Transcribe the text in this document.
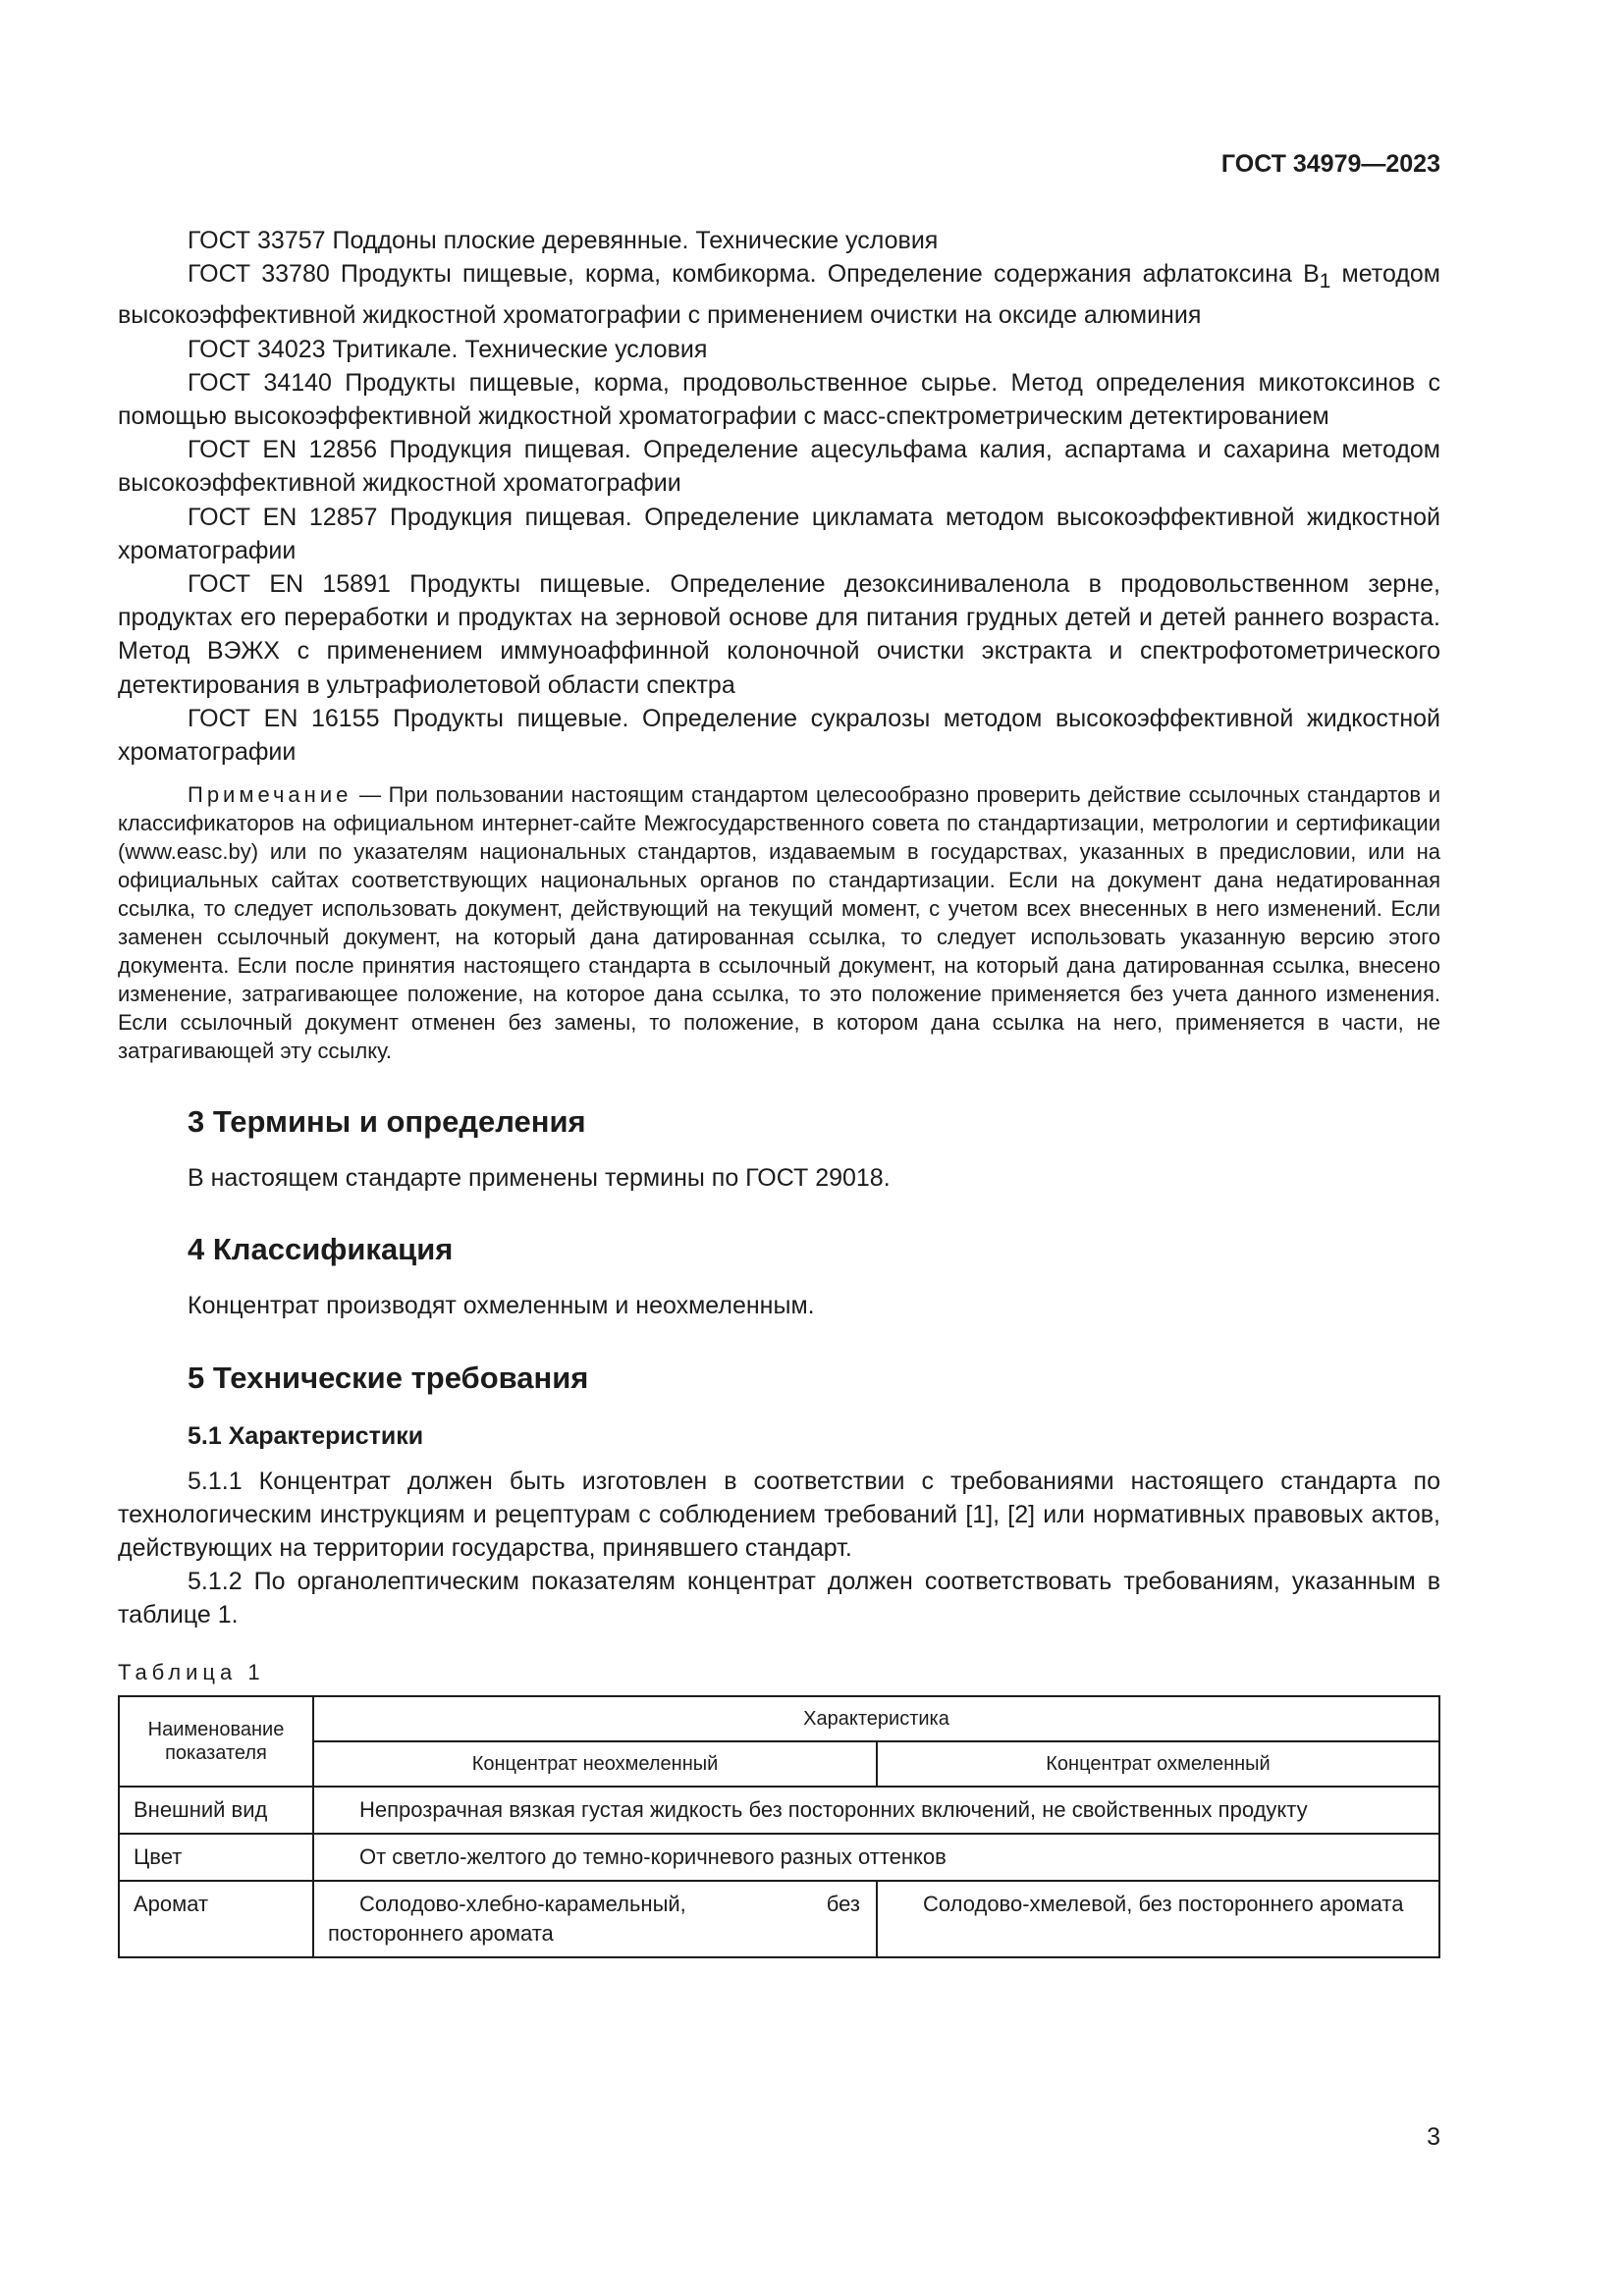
ГОСТ 34979—2023

ГОСТ 33757 Поддоны плоские деревянные. Технические условия

ГОСТ 33780 Продукты пищевые, корма, комбикорма. Определение содержания афлатоксина $B_1$ методом высокоэффективной жидкостной хроматографии с применением очистки на оксиде алюминия

ГОСТ 34023 Тритикале. Технические условия

ГОСТ 34140 Продукты пищевые, корма, продовольственное сырье. Метод определения микотоксинов с помощью высокоэффективной жидкостной хроматографии с масс-спектрометрическим детектированием

ГОСТ EN 12856 Продукция пищевая. Определение ацесульфама калия, аспартама и сахарина методом высокоэффективной жидкостной хроматографии

ГОСТ EN 12857 Продукция пищевая. Определение цикламата методом высокоэффективной жидкостной хроматографии

ГОСТ EN 15891 Продукты пищевые. Определение дезоксиниваленола в продовольственном зерне, продуктах его переработки и продуктах на зерновой основе для питания грудных детей и детей раннего возраста. Метод ВЭЖХ с применением иммуноаффинной колоночной очистки экстракта и спектрофотометрического детектирования в ультрафиолетовой области спектра

ГОСТ EN 16155 Продукты пищевые. Определение сукралозы методом высокоэффективной жидкостной хроматографии

Примечание — При пользовании настоящим стандартом целесообразно проверить действие ссылочных стандартов и классификаторов на официальном интернет-сайте Межгосударственного совета по стандартизации, метрологии и сертификации (www.easc.by) или по указателям национальных стандартов, издаваемым в государствах, указанных в предисловии, или на официальных сайтах соответствующих национальных органов по стандартизации. Если на документ дана недатированная ссылка, то следует использовать документ, действующий на текущий момент, с учетом всех внесенных в него изменений. Если заменен ссылочный документ, на который дана датированная ссылка, то следует использовать указанную версию этого документа. Если после принятия настоящего стандарта в ссылочный документ, на который дана датированная ссылка, внесено изменение, затрагивающее положение, на которое дана ссылка, то это положение применяется без учета данного изменения. Если ссылочный документ отменен без замены, то положение, в котором дана ссылка на него, применяется в части, не затрагивающей эту ссылку.

3 Термины и определения

В настоящем стандарте применены термины по ГОСТ 29018.

4 Классификация

Концентрат производят охмеленным и неохмеленным.

5 Технические требования
5.1 Характеристики

5.1.1 Концентрат должен быть изготовлен в соответствии с требованиями настоящего стандарта по технологическим инструкциям и рецептурам с соблюдением требований [1], [2] или нормативных правовых актов, действующих на территории государства, принявшего стандарт.

5.1.2 По органолептическим показателям концентрат должен соответствовать требованиям, указанным в таблице 1.

Таблица 1

Наименование показателя	Характеристика	
	Концентрат неохмеленный	Концентрат охмеленный
Внешний вид	Непрозрачная вязкая густая жидкость без посторонних включений, не свойственных продукту	
Цвет	От светло-желтого до темно-коричневого разных оттенков	
Аромат	Солодово-хлебно-карамельный, без постороннего аромата	Солодово-хмелевой, без постороннего аромата
3
